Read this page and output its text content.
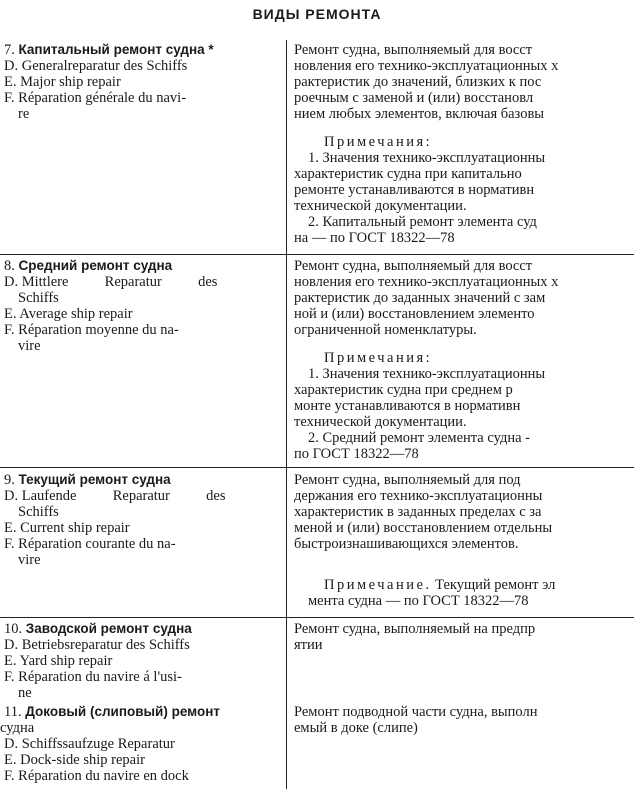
ВИДЫ РЕМОНТА
7. Капитальный ремонт судна *
D. Generalreparatur des Schiffs
E. Major ship repair
F. Réparation générale du navi-
re
Ремонт судна, выполняемый для восст
новления его технико-эксплуатационных х
рактеристик до значений, близких к пос
роечным с заменой и (или) восстановл
нием любых элементов, включая базовы
Примечания:
1. Значения технико-эксплуатационны
характеристик судна при капитально
ремонте устанавливаются в нормативн
технической документации.
2. Капитальный ремонт элемента суд
на — по ГОСТ 18322—78
8. Средний ремонт судна
D. Mittlere          Reparatur          des
Schiffs
E. Average ship repair
F. Réparation moyenne du na-
vire
Ремонт судна, выполняемый для восст
новления его технико-эксплуатационных х
рактеристик до заданных значений с зам
ной и (или) восстановлением элементо
ограниченной номенклатуры.
Примечания:
1. Значения технико-эксплуатационны
характеристик судна при среднем р
монте устанавливаются в нормативн
технической документации.
2. Средний ремонт элемента судна -
по ГОСТ 18322—78
9. Текущий ремонт судна
D. Laufende          Reparatur          des
Schiffs
E. Current ship repair
F. Réparation courante du na-
vire
Ремонт судна, выполняемый для под
держания его технико-эксплуатационны
характеристик в заданных пределах с за
меной и (или) восстановлением отдельны
быстроизнашивающихся элементов.
Примечание. Текущий ремонт эл
мента судна — по ГОСТ 18322—78
10. Заводской ремонт судна
D. Betriebsreparatur des Schiffs
E. Yard ship repair
F. Réparation du navire á l'usi-
ne
Ремонт судна, выполняемый на предпр
ятии
11. Доковый (слиповый) ремонт
судна
D. Schiffssaufzuge Reparatur
E. Dock-side ship repair
F. Réparation du navire en dock
Ремонт подводной части судна, выполн
емый в доке (слипе)
